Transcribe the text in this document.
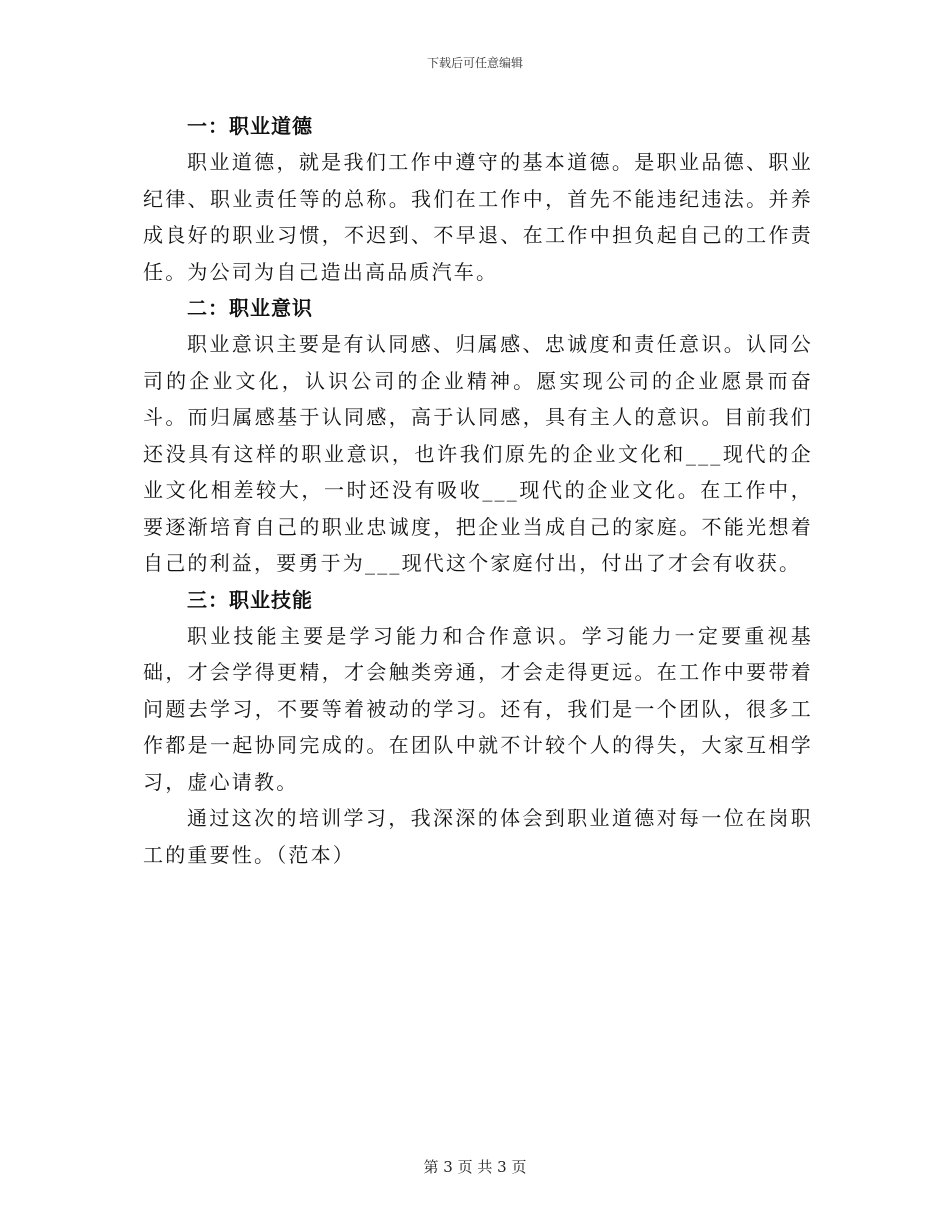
下载后可任意编辑
一：职业道德

职业道德，就是我们工作中遵守的基本道德。是职业品德、职业纪律、职业责任等的总称。我们在工作中，首先不能违纪违法。并养成良好的职业习惯，不迟到、不早退、在工作中担负起自己的工作责任。为公司为自己造出高品质汽车。

二：职业意识

职业意识主要是有认同感、归属感、忠诚度和责任意识。认同公司的企业文化，认识公司的企业精神。愿实现公司的企业愿景而奋斗。而归属感基于认同感，高于认同感，具有主人的意识。目前我们还没具有这样的职业意识，也许我们原先的企业文化和___现代的企业文化相差较大，一时还没有吸收___现代的企业文化。在工作中，要逐渐培育自己的职业忠诚度，把企业当成自己的家庭。不能光想着自己的利益，要勇于为___现代这个家庭付出，付出了才会有收获。

三：职业技能

职业技能主要是学习能力和合作意识。学习能力一定要重视基础，才会学得更精，才会触类旁通，才会走得更远。在工作中要带着问题去学习，不要等着被动的学习。还有，我们是一个团队，很多工作都是一起协同完成的。在团队中就不计较个人的得失，大家互相学习，虚心请教。

通过这次的培训学习，我深深的体会到职业道德对每一位在岗职工的重要性。（范本）

第 3 页 共 3 页
